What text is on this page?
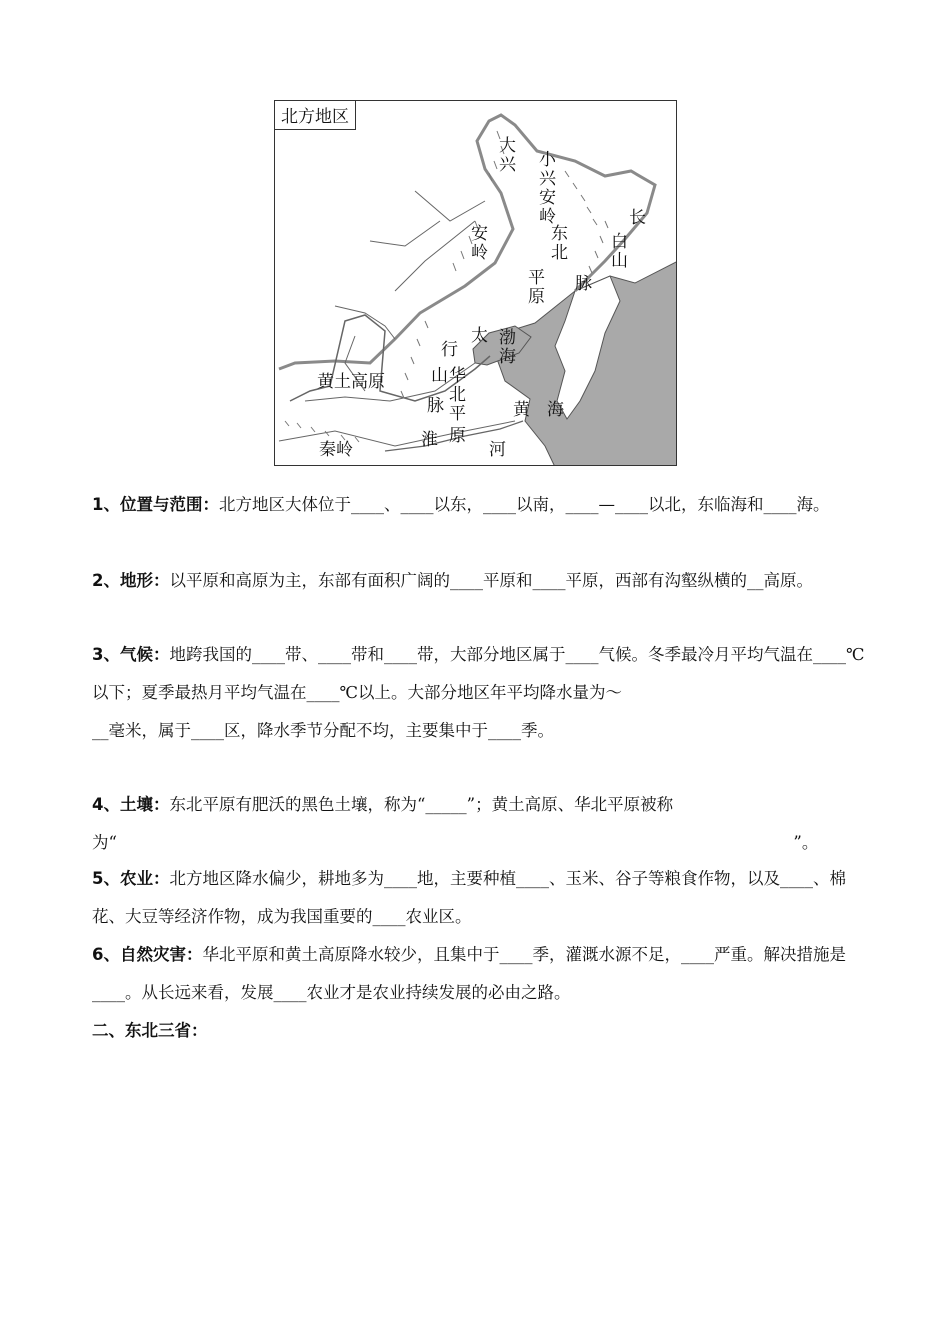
北方地区
大兴
安岭
小兴安岭	长
白山
脉
东北
平原
太
行
山
脉
渤海
华北平
原
黄土高原
黄　海
淮
秦岭	河

1、位置与范围：北方地区大体位于____、____以东，____以南，____—____以北，东临海和____海。

2、地形：以平原和高原为主，东部有面积广阔的____平原和____平原，西部有沟壑纵横的__高原。

3、气候：地跨我国的____带、____带和____带，大部分地区属于____气候。冬季最冷月平均气温在____℃以下；夏季最热月平均气温在____℃以上。大部分地区年平均降水量为～
__毫米，属于____区，降水季节分配不均，主要集中于____季。

4、土壤：东北平原有肥沃的黑色土壤，称为“_____”；黄土高原、华北平原被称为“　　　　　　　　　　　　　　　　　　　　　　　　　　　　　　　　　　　　　　　　　”。

5、农业：北方地区降水偏少，耕地多为____地，主要种植____、玉米、谷子等粮食作物，以及____、棉花、大豆等经济作物，成为我国重要的____农业区。

6、自然灾害：华北平原和黄土高原降水较少，且集中于____季，灌溉水源不足，____严重。解决措施是____。从长远来看，发展____农业才是农业持续发展的必由之路。

二、东北三省：
